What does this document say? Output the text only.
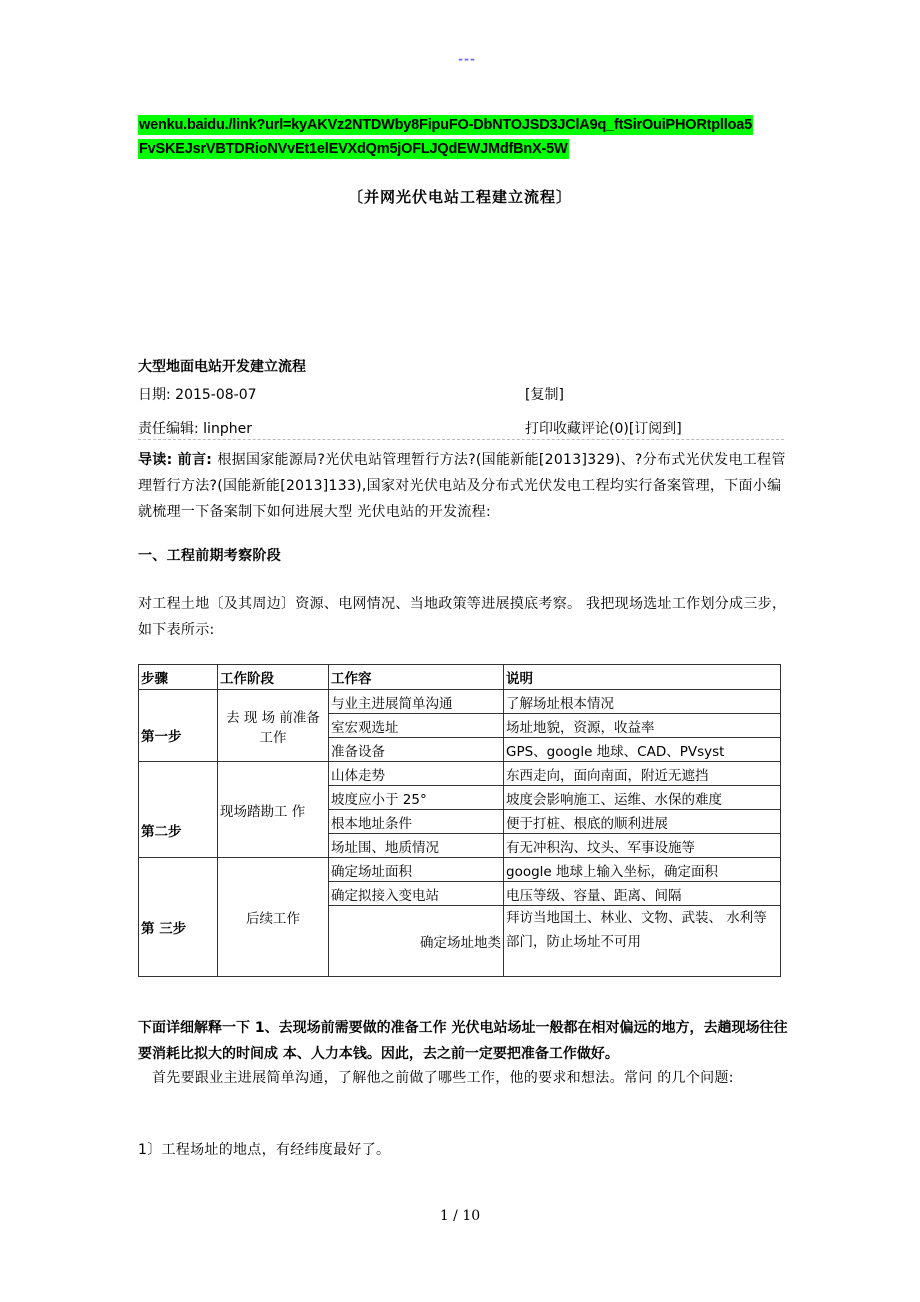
---
wenku.baidu./link?url=kyAKVz2NTDWby8FipuFO-DbNTOJSD3JClA9q_ftSirOuiPHORtplloa5
FvSKEJsrVBTDRioNVvEt1elEVXdQm5jOFLJQdEWJMdfBnX-5W
〔并网光伏电站工程建立流程〕
大型地面电站开发建立流程
日期: 2015-08-07	[复制]
责任编辑: linpher	打印收藏评论(0)[订阅到]
导读: 前言: 根据国家能源局?光伏电站管理暂行方法?(国能新能[2013]329)、?分布式光伏发电工程管理暂行方法?(国能新能[2013]133),国家对光伏电站及分布式光伏发电工程均实行备案管理，下面小编就梳理一下备案制下如何进展大型 光伏电站的开发流程:
一、工程前期考察阶段
对工程土地〔及其周边〕资源、电网情况、当地政策等进展摸底考察。 我把现场选址工作划分成三步，如下表所示:
步骤	工作阶段	工作容	说明
第一步	去 现 场 前准备工作	与业主进展简单沟通	了解场址根本情况
		室宏观选址	场址地貌，资源，收益率
		准备设备	GPS、google 地球、CAD、PVsyst
第二步	现场踏勘工 作	山体走势	东西走向，面向南面，附近无遮挡
		坡度应小于 25°	坡度会影响施工、运维、水保的难度
		根本地址条件	便于打桩、根底的顺利进展
		场址围、地质情况	有无冲积沟、坟头、军事设施等
第 三步	后续工作	确定场址面积	google 地球上输入坐标，确定面积
		确定拟接入变电站	电压等级、容量、距离、间隔
		确定场址地类	拜访当地国土、林业、文物、武装、 水利等部门，防止场址不可用
下面详细解释一下 1、去现场前需要做的准备工作 光伏电站场址一般都在相对偏远的地方，去趟现场往往要消耗比拟大的时间成 本、人力本钱。因此，去之前一定要把准备工作做好。
首先要跟业主进展简单沟通，了解他之前做了哪些工作，他的要求和想法。常问 的几个问题:
1〕工程场址的地点，有经纬度最好了。
1 / 10
